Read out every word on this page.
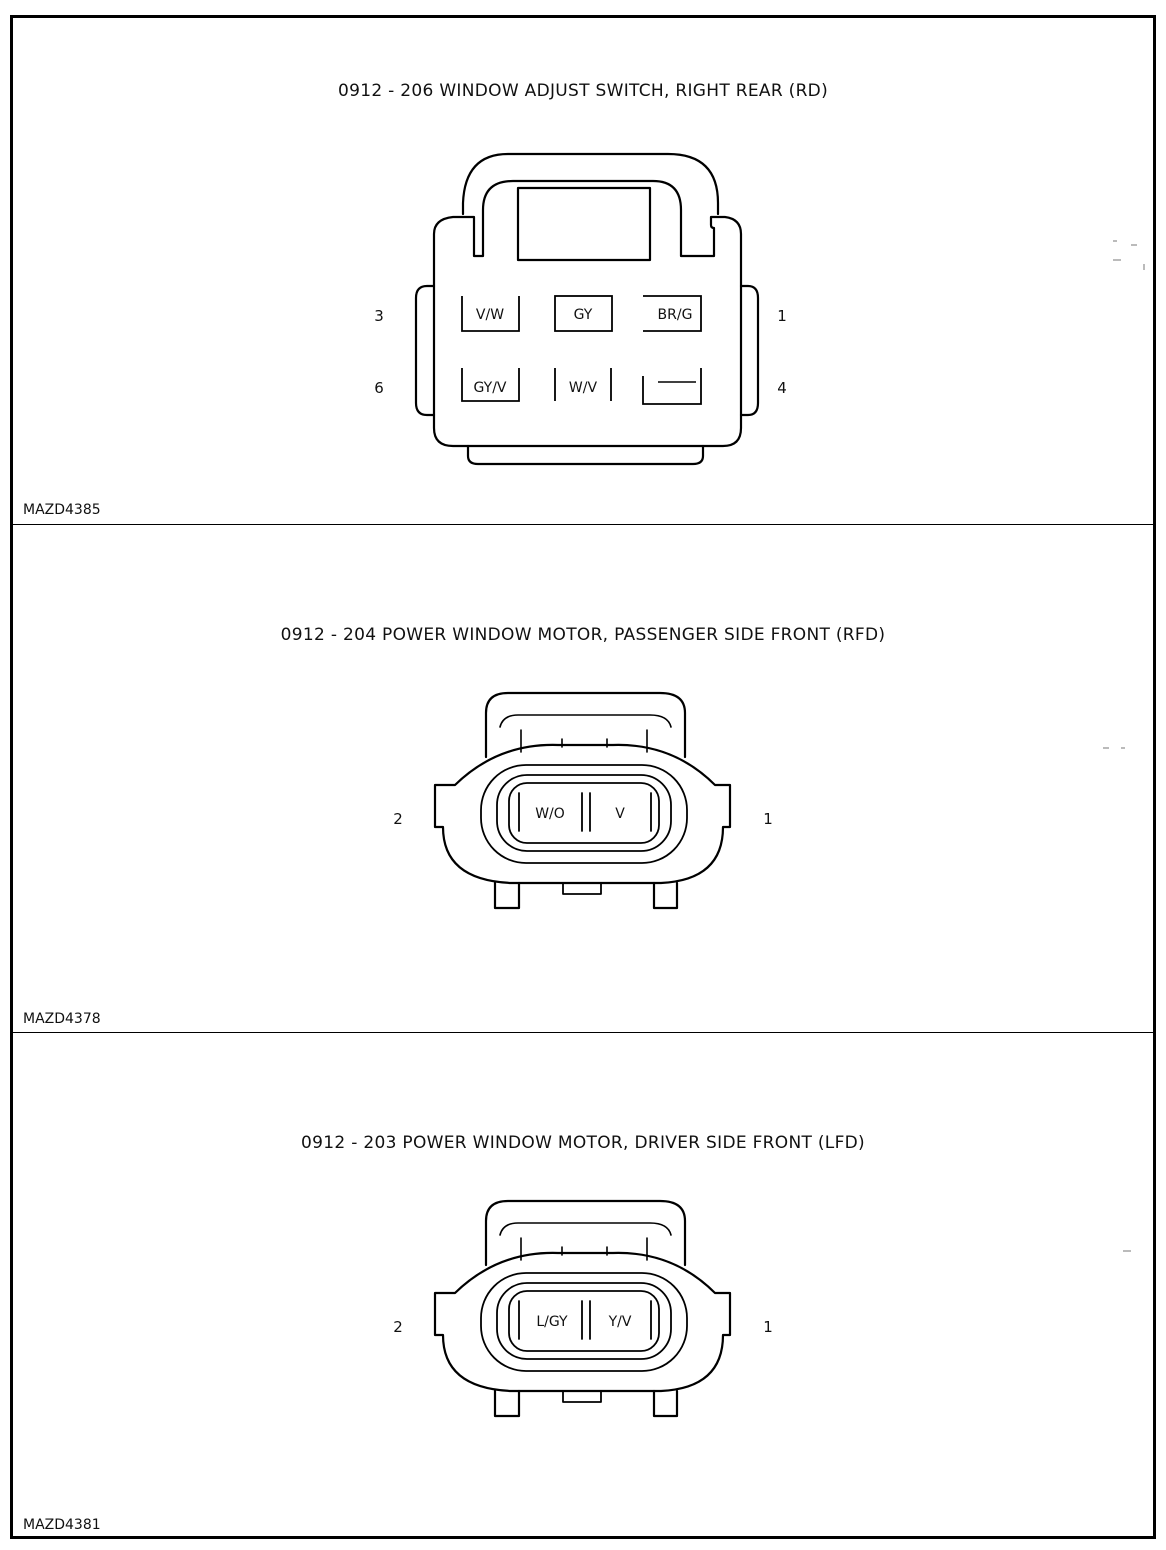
0912 - 206 WINDOW ADJUST SWITCH, RIGHT REAR (RD)
V/W	GY	BR/G
GY/V	W/V
3	1
6	4
MAZD4385
0912 - 204 POWER WINDOW MOTOR, PASSENGER SIDE FRONT (RFD)
W/O	V
2	1
MAZD4378
0912 - 203 POWER WINDOW MOTOR, DRIVER SIDE FRONT (LFD)
L/GY	Y/V
2	1
MAZD4381
